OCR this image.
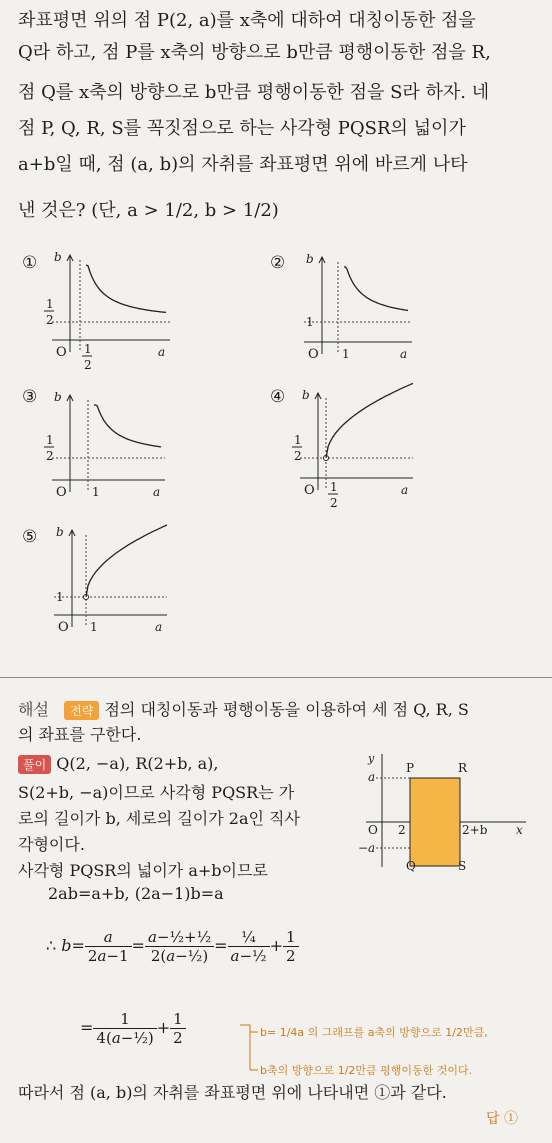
좌표평면 위의 점 P(2, a)를 x축에 대하여 대칭이동한 점을
Q라 하고, 점 P를 x축의 방향으로 b만큼 평행이동한 점을 R,
점 Q를 x축의 방향으로 b만큼 평행이동한 점을 S라 하자. 네
점 P, Q, R, S를 꼭짓점으로 하는 사각형 PQSR의 넓이가
a+b일 때, 점 (a, b)의 자취를 좌표평면 위에 바르게 나타
낸 것은? (단, a > 1/2, b > 1/2)
① b
a
O
1
2
1
2
② b
a
O
1
1
③ b
a
O
1
2
1
④ b
a
O
1
2
1
2
⑤ b
a
O
1
1
해설 전략 점의 대칭이동과 평행이동을 이용하여 세 점 Q, R, S
의 좌표를 구한다.
풀이 Q(2, −a), R(2+b, a),
S(2+b, −a)이므로 사각형 PQSR는 가
로의 길이가 b, 세로의 길이가 2a인 직사
각형이다.
사각형 PQSR의 넓이가 a+b이므로
2ab=a+b, (2a−1)b=a
∴ $b= \frac{a}{2a-1} = \frac{\text{a−½+½}}{\text{2(a−½)}} = \frac{\text{¼}}{\text{a−½}} + \frac{1}{2}$
= $\frac{1}{\text{4(a−½)}} + \frac{1}{2}$	b= 1/4a 의 그래프를 a축의 방향으로 1/2만큼,
b축의 방향으로 1/2만큼 평행이동한 것이다.
따라서 점 (a, b)의 자취를 좌표평면 위에 나타내면 ①과 같다.
답 ①
y
x
a
−a
O 2	2+b
P	R
Q	S
